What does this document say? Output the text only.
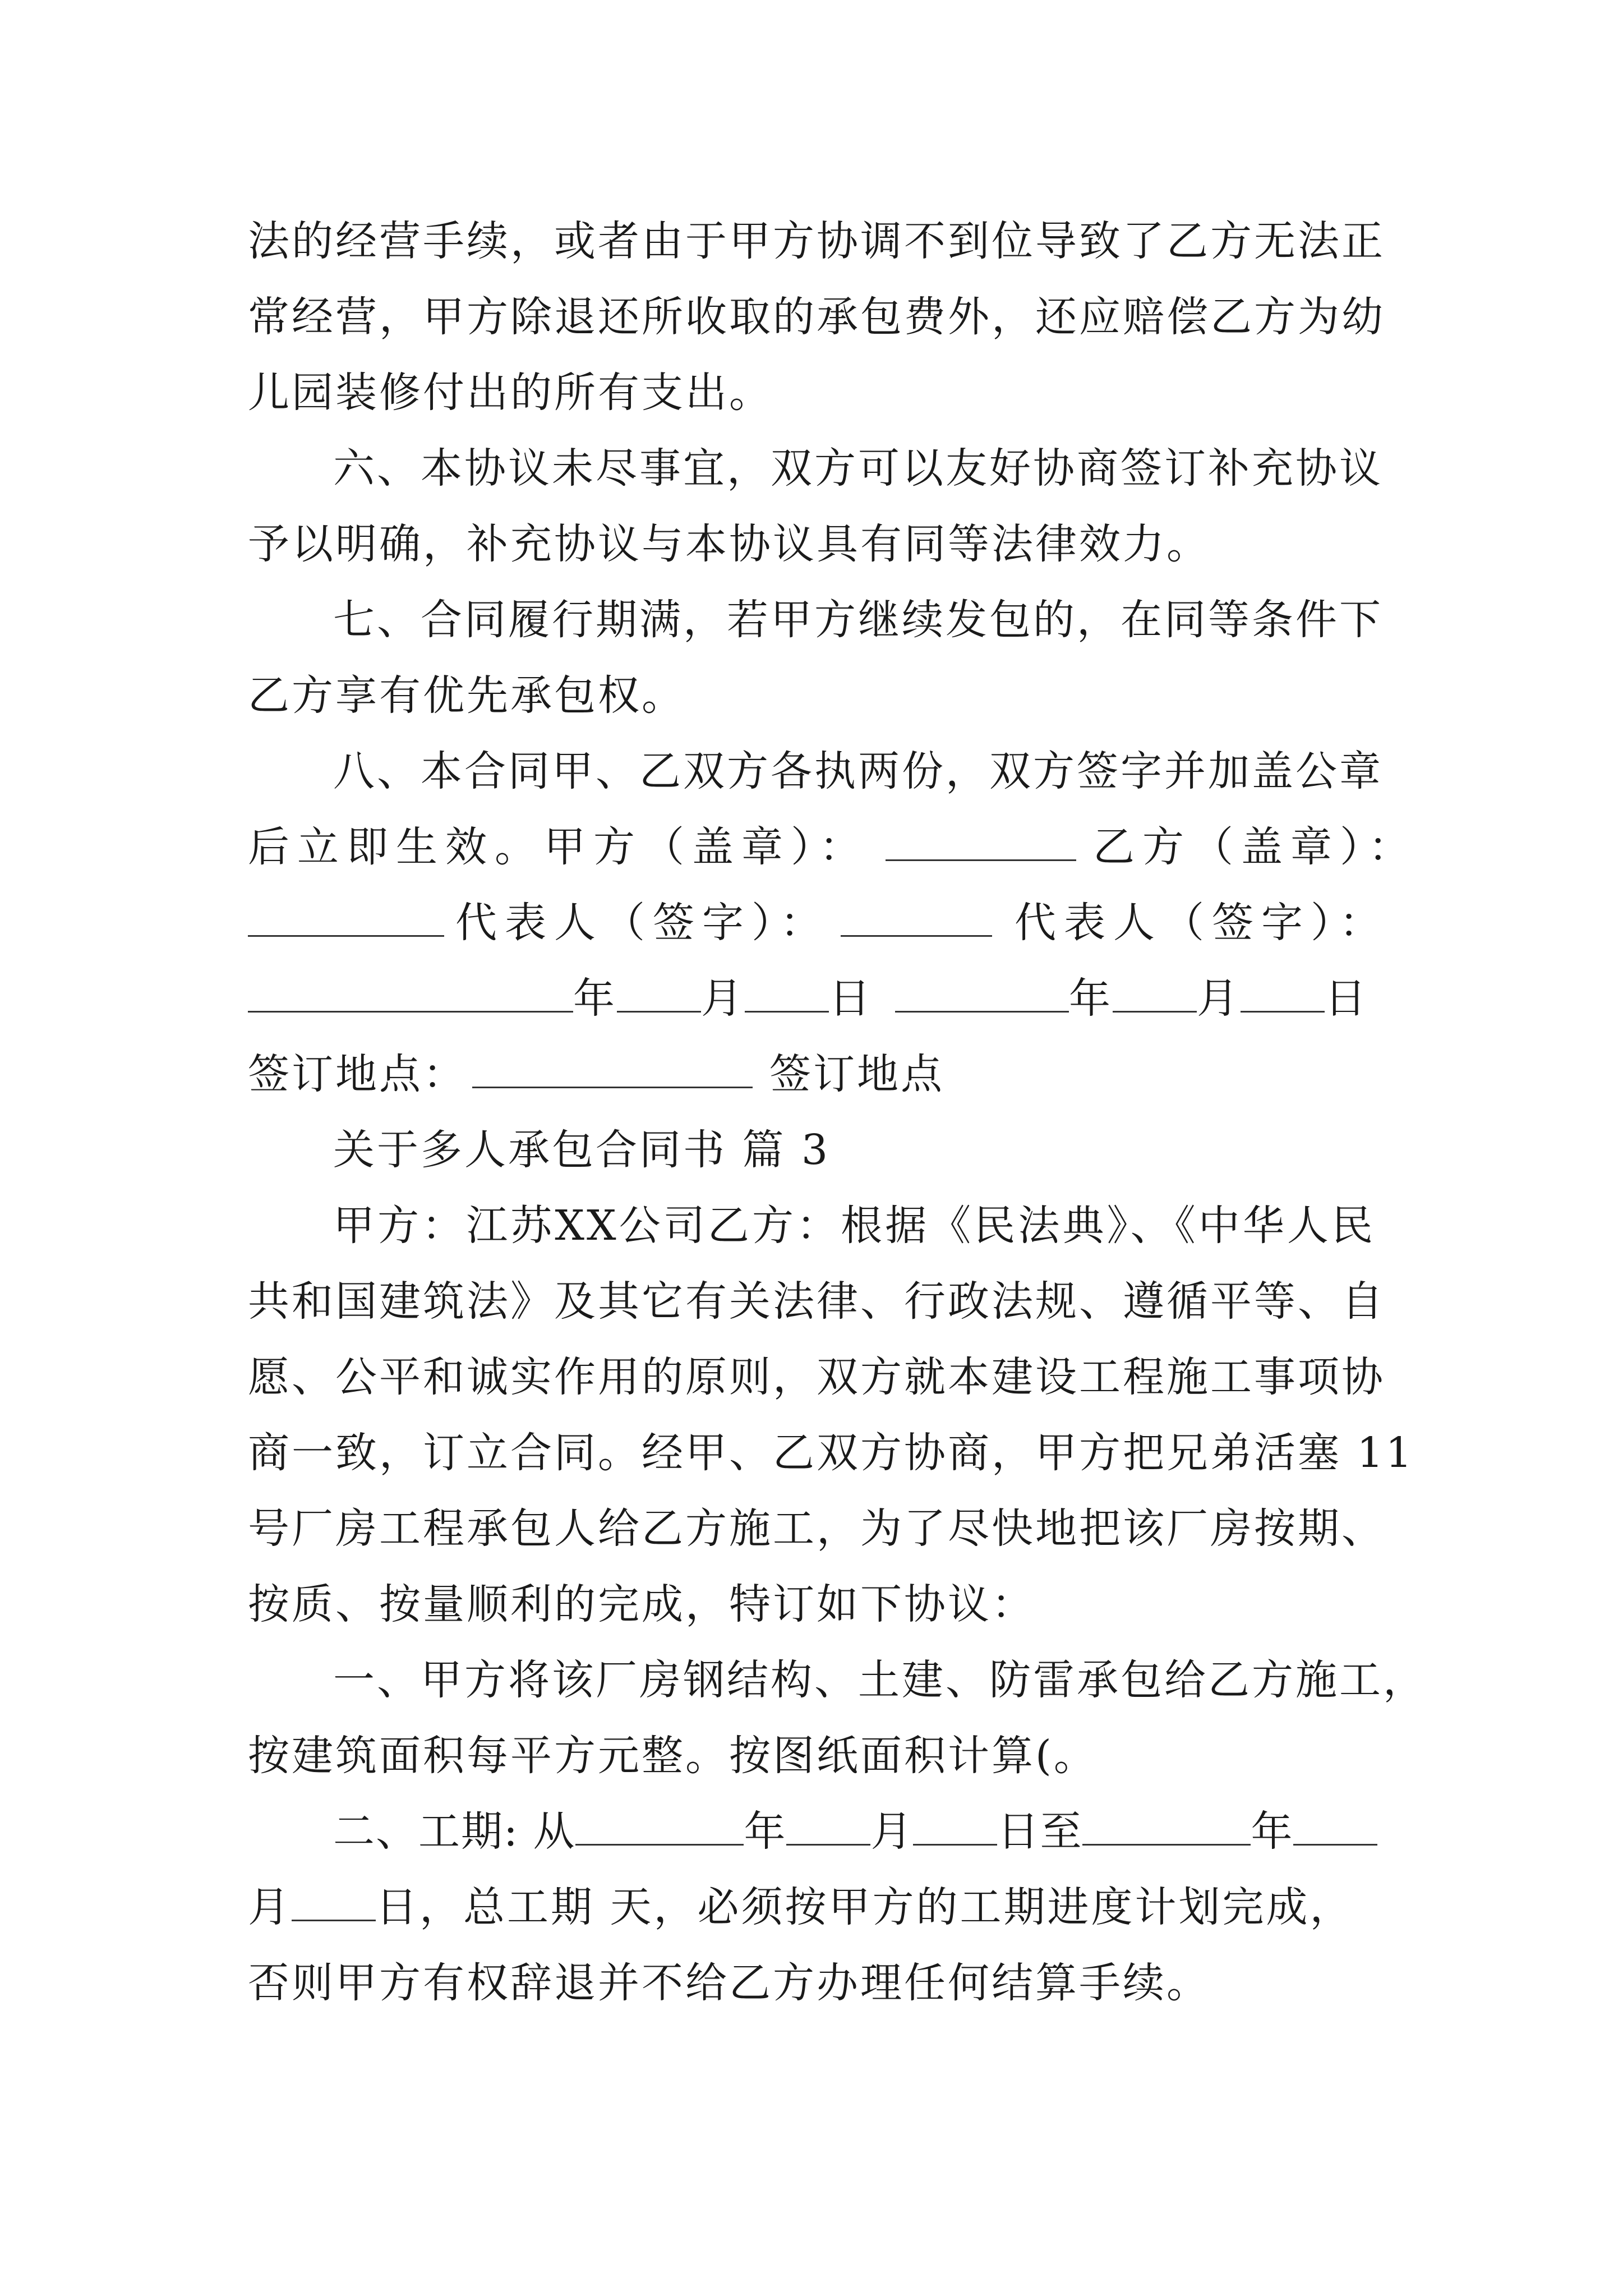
法的经营手续，或者由于甲方协调不到位导致了乙方无法正
常经营，甲方除退还所收取的承包费外，还应赔偿乙方为幼
儿园装修付出的所有支出。
六、本协议未尽事宜，双方可以友好协商签订补充协议
予以明确，补充协议与本协议具有同等法律效力。
七、合同履行期满，若甲方继续发包的，在同等条件下
乙方享有优先承包权。
八、本合同甲、乙双方各执两份，双方签字并加盖公章
后立即生效。甲方（盖章）：	乙方（盖章）：
代表人（签字）：	代表人（签字）：
年 月 日	年 月 日
签订地点：	签订地点
关于多人承包合同书 篇 3
甲方：江苏XX公司乙方：根据《民法典》、《中华人民
共和国建筑法》及其它有关法律、行政法规、遵循平等、自
愿、公平和诚实作用的原则，双方就本建设工程施工事项协
商一致，订立合同。经甲、乙双方协商，甲方把兄弟活塞 11
号厂房工程承包人给乙方施工，为了尽快地把该厂房按期、
按质、按量顺利的完成，特订如下协议：
一、甲方将该厂房钢结构、土建、防雷承包给乙方施工，
按建筑面积每平方元整。按图纸面积计算(。
二、工期: 从	年 月 日至	年
月 日，总工期 天，必须按甲方的工期进度计划完成，
否则甲方有权辞退并不给乙方办理任何结算手续。
